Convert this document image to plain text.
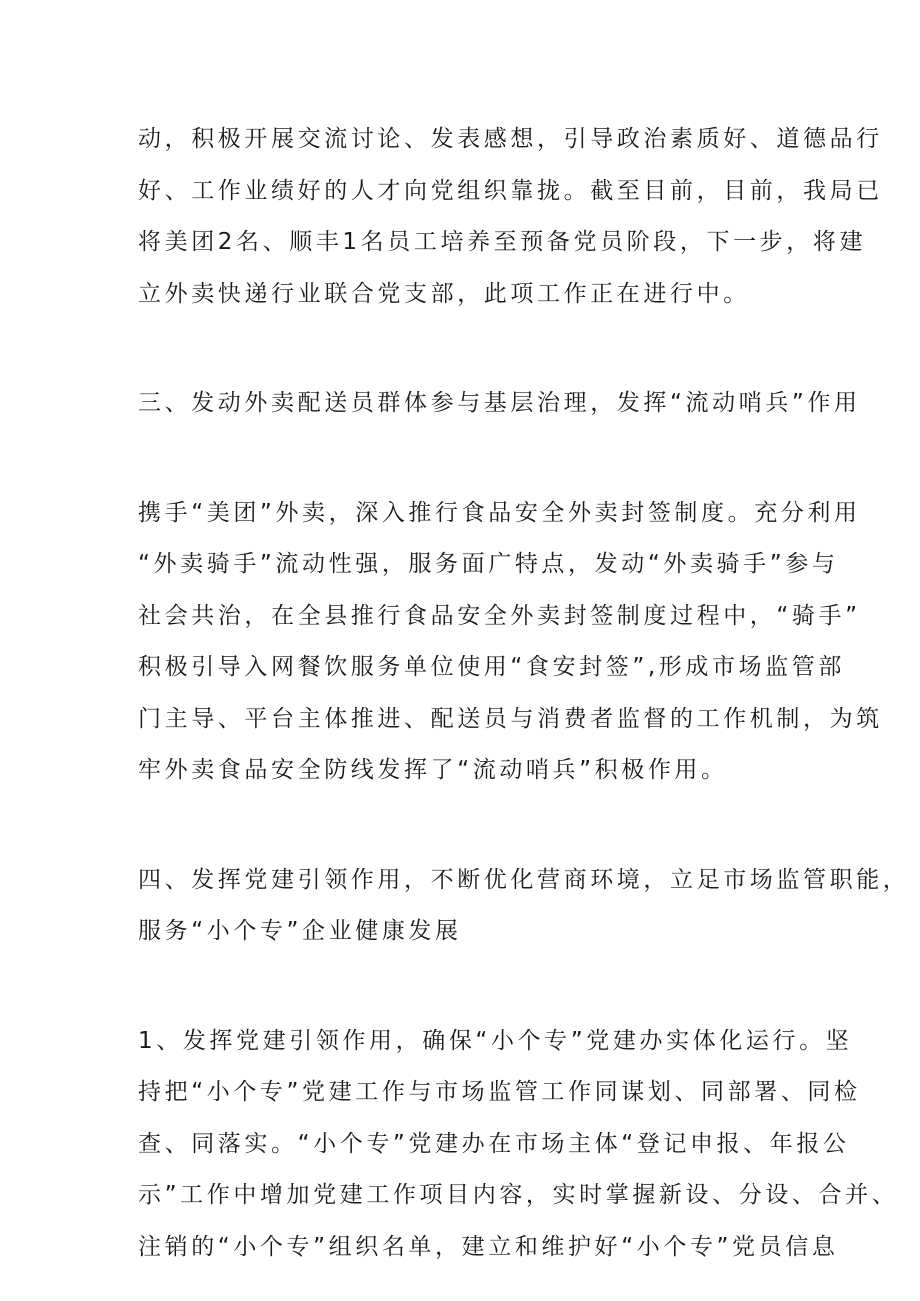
动，积极开展交流讨论、发表感想，引导政治素质好、道德品行
好、工作业绩好的人才向党组织靠拢。截至目前，目前，我局已
将美团2名、顺丰1名员工培养至预备党员阶段，下一步，将建
立外卖快递行业联合党支部，此项工作正在进行中。
三、发动外卖配送员群体参与基层治理，发挥“流动哨兵”作用
携手“美团”外卖，深入推行食品安全外卖封签制度。充分利用
“外卖骑手”流动性强，服务面广特点，发动“外卖骑手”参与
社会共治，在全县推行食品安全外卖封签制度过程中，“骑手”
积极引导入网餐饮服务单位使用“食安封签”,形成市场监管部
门主导、平台主体推进、配送员与消费者监督的工作机制，为筑
牢外卖食品安全防线发挥了“流动哨兵”积极作用。
四、发挥党建引领作用，不断优化营商环境，立足市场监管职能，
服务“小个专”企业健康发展
1、发挥党建引领作用，确保“小个专”党建办实体化运行。坚
持把“小个专”党建工作与市场监管工作同谋划、同部署、同检
查、同落实。“小个专”党建办在市场主体“登记申报、年报公
示”工作中增加党建工作项目内容，实时掌握新设、分设、合并、
注销的“小个专”组织名单，建立和维护好“小个专”党员信息
